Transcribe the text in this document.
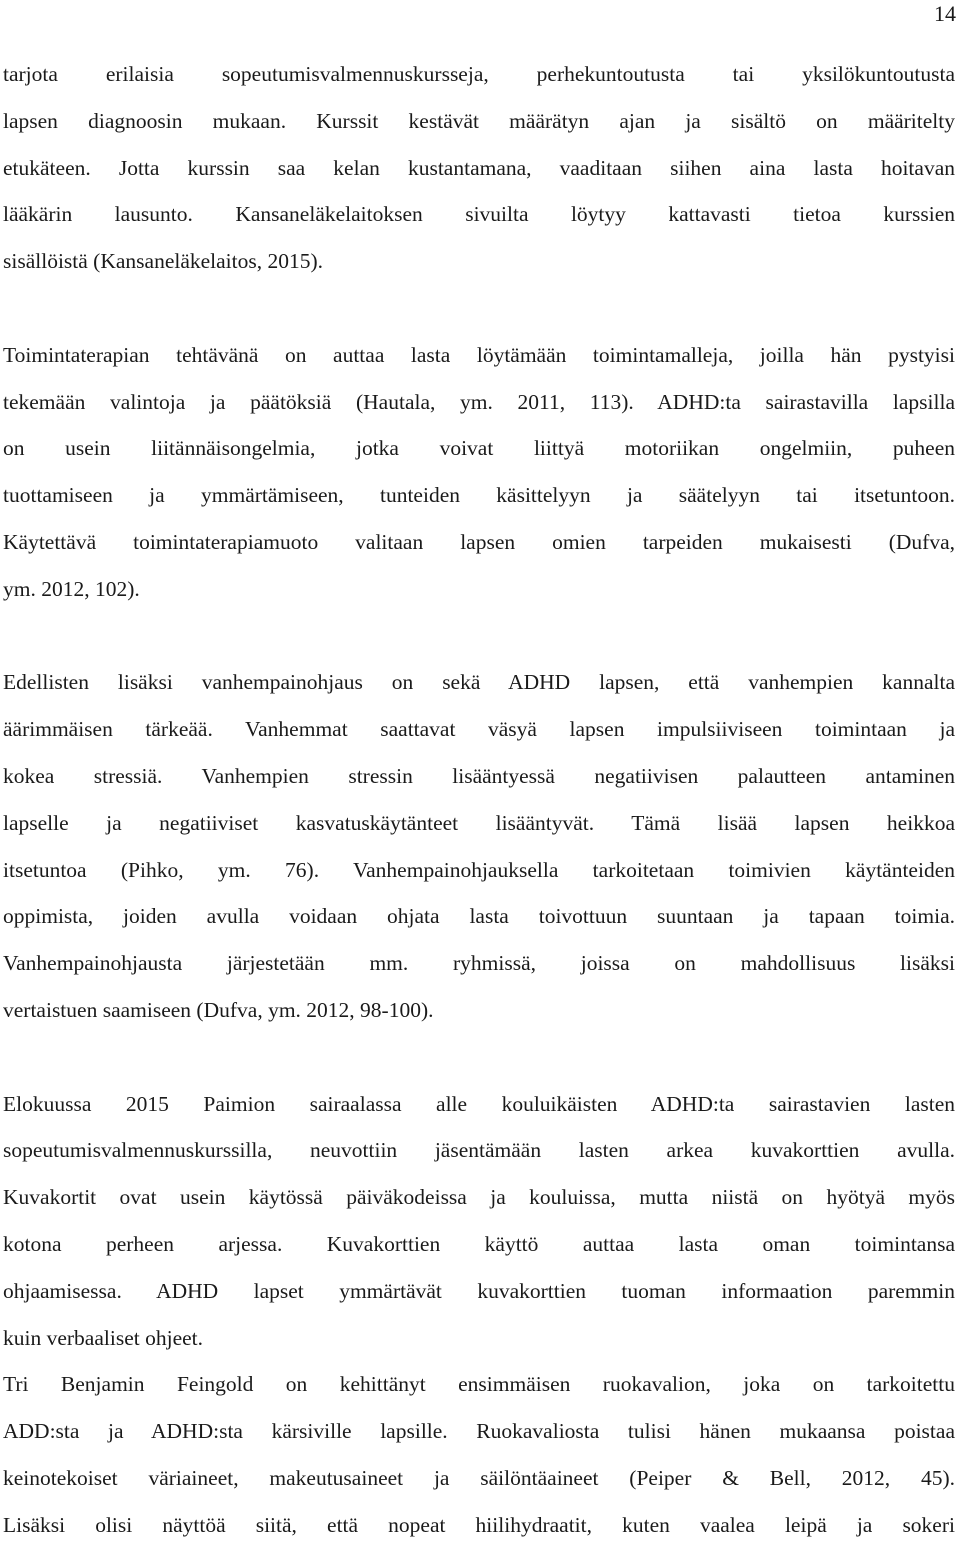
14
tarjota erilaisia sopeutumisvalmennuskursseja, perhekuntoutusta tai yksilökuntoutusta
lapsen diagnoosin mukaan. Kurssit kestävät määrätyn ajan ja sisältö on määritelty
etukäteen. Jotta kurssin saa kelan kustantamana, vaaditaan siihen aina lasta hoitavan
lääkärin lausunto. Kansaneläkelaitoksen sivuilta löytyy kattavasti tietoa kurssien
sisällöistä (Kansaneläkelaitos, 2015).
Toimintaterapian tehtävänä on auttaa lasta löytämään toimintamalleja, joilla hän pystyisi
tekemään valintoja ja päätöksiä (Hautala, ym. 2011, 113). ADHD:ta sairastavilla lapsilla
on usein liitännäisongelmia, jotka voivat liittyä motoriikan ongelmiin, puheen
tuottamiseen ja ymmärtämiseen, tunteiden käsittelyyn ja säätelyyn tai itsetuntoon.
Käytettävä toimintaterapiamuoto valitaan lapsen omien tarpeiden mukaisesti (Dufva,
ym. 2012, 102).
Edellisten lisäksi vanhempainohjaus on sekä ADHD lapsen, että vanhempien kannalta
äärimmäisen tärkeää. Vanhemmat saattavat väsyä lapsen impulsiiviseen toimintaan ja
kokea stressiä. Vanhempien stressin lisääntyessä negatiivisen palautteen antaminen
lapselle ja negatiiviset kasvatuskäytänteet lisääntyvät. Tämä lisää lapsen heikkoa
itsetuntoa (Pihko, ym. 76). Vanhempainohjauksella tarkoitetaan toimivien käytänteiden
oppimista, joiden avulla voidaan ohjata lasta toivottuun suuntaan ja tapaan toimia.
Vanhempainohjausta järjestetään mm. ryhmissä, joissa on mahdollisuus lisäksi
vertaistuen saamiseen (Dufva, ym. 2012, 98-100).
Elokuussa 2015 Paimion sairaalassa alle kouluikäisten ADHD:ta sairastavien lasten
sopeutumisvalmennuskurssilla, neuvottiin jäsentämään lasten arkea kuvakorttien avulla.
Kuvakortit ovat usein käytössä päiväkodeissa ja kouluissa, mutta niistä on hyötyä myös
kotona perheen arjessa. Kuvakorttien käyttö auttaa lasta oman toimintansa
ohjaamisessa. ADHD lapset ymmärtävät kuvakorttien tuoman informaation paremmin
kuin verbaaliset ohjeet.
Tri Benjamin Feingold on kehittänyt ensimmäisen ruokavalion, joka on tarkoitettu
ADD:sta ja ADHD:sta kärsiville lapsille. Ruokavaliosta tulisi hänen mukaansa poistaa
keinotekoiset väriaineet, makeutusaineet ja säilöntäaineet (Peiper & Bell, 2012, 45).
Lisäksi olisi näyttöä siitä, että nopeat hiilihydraatit, kuten vaalea leipä ja sokeri
